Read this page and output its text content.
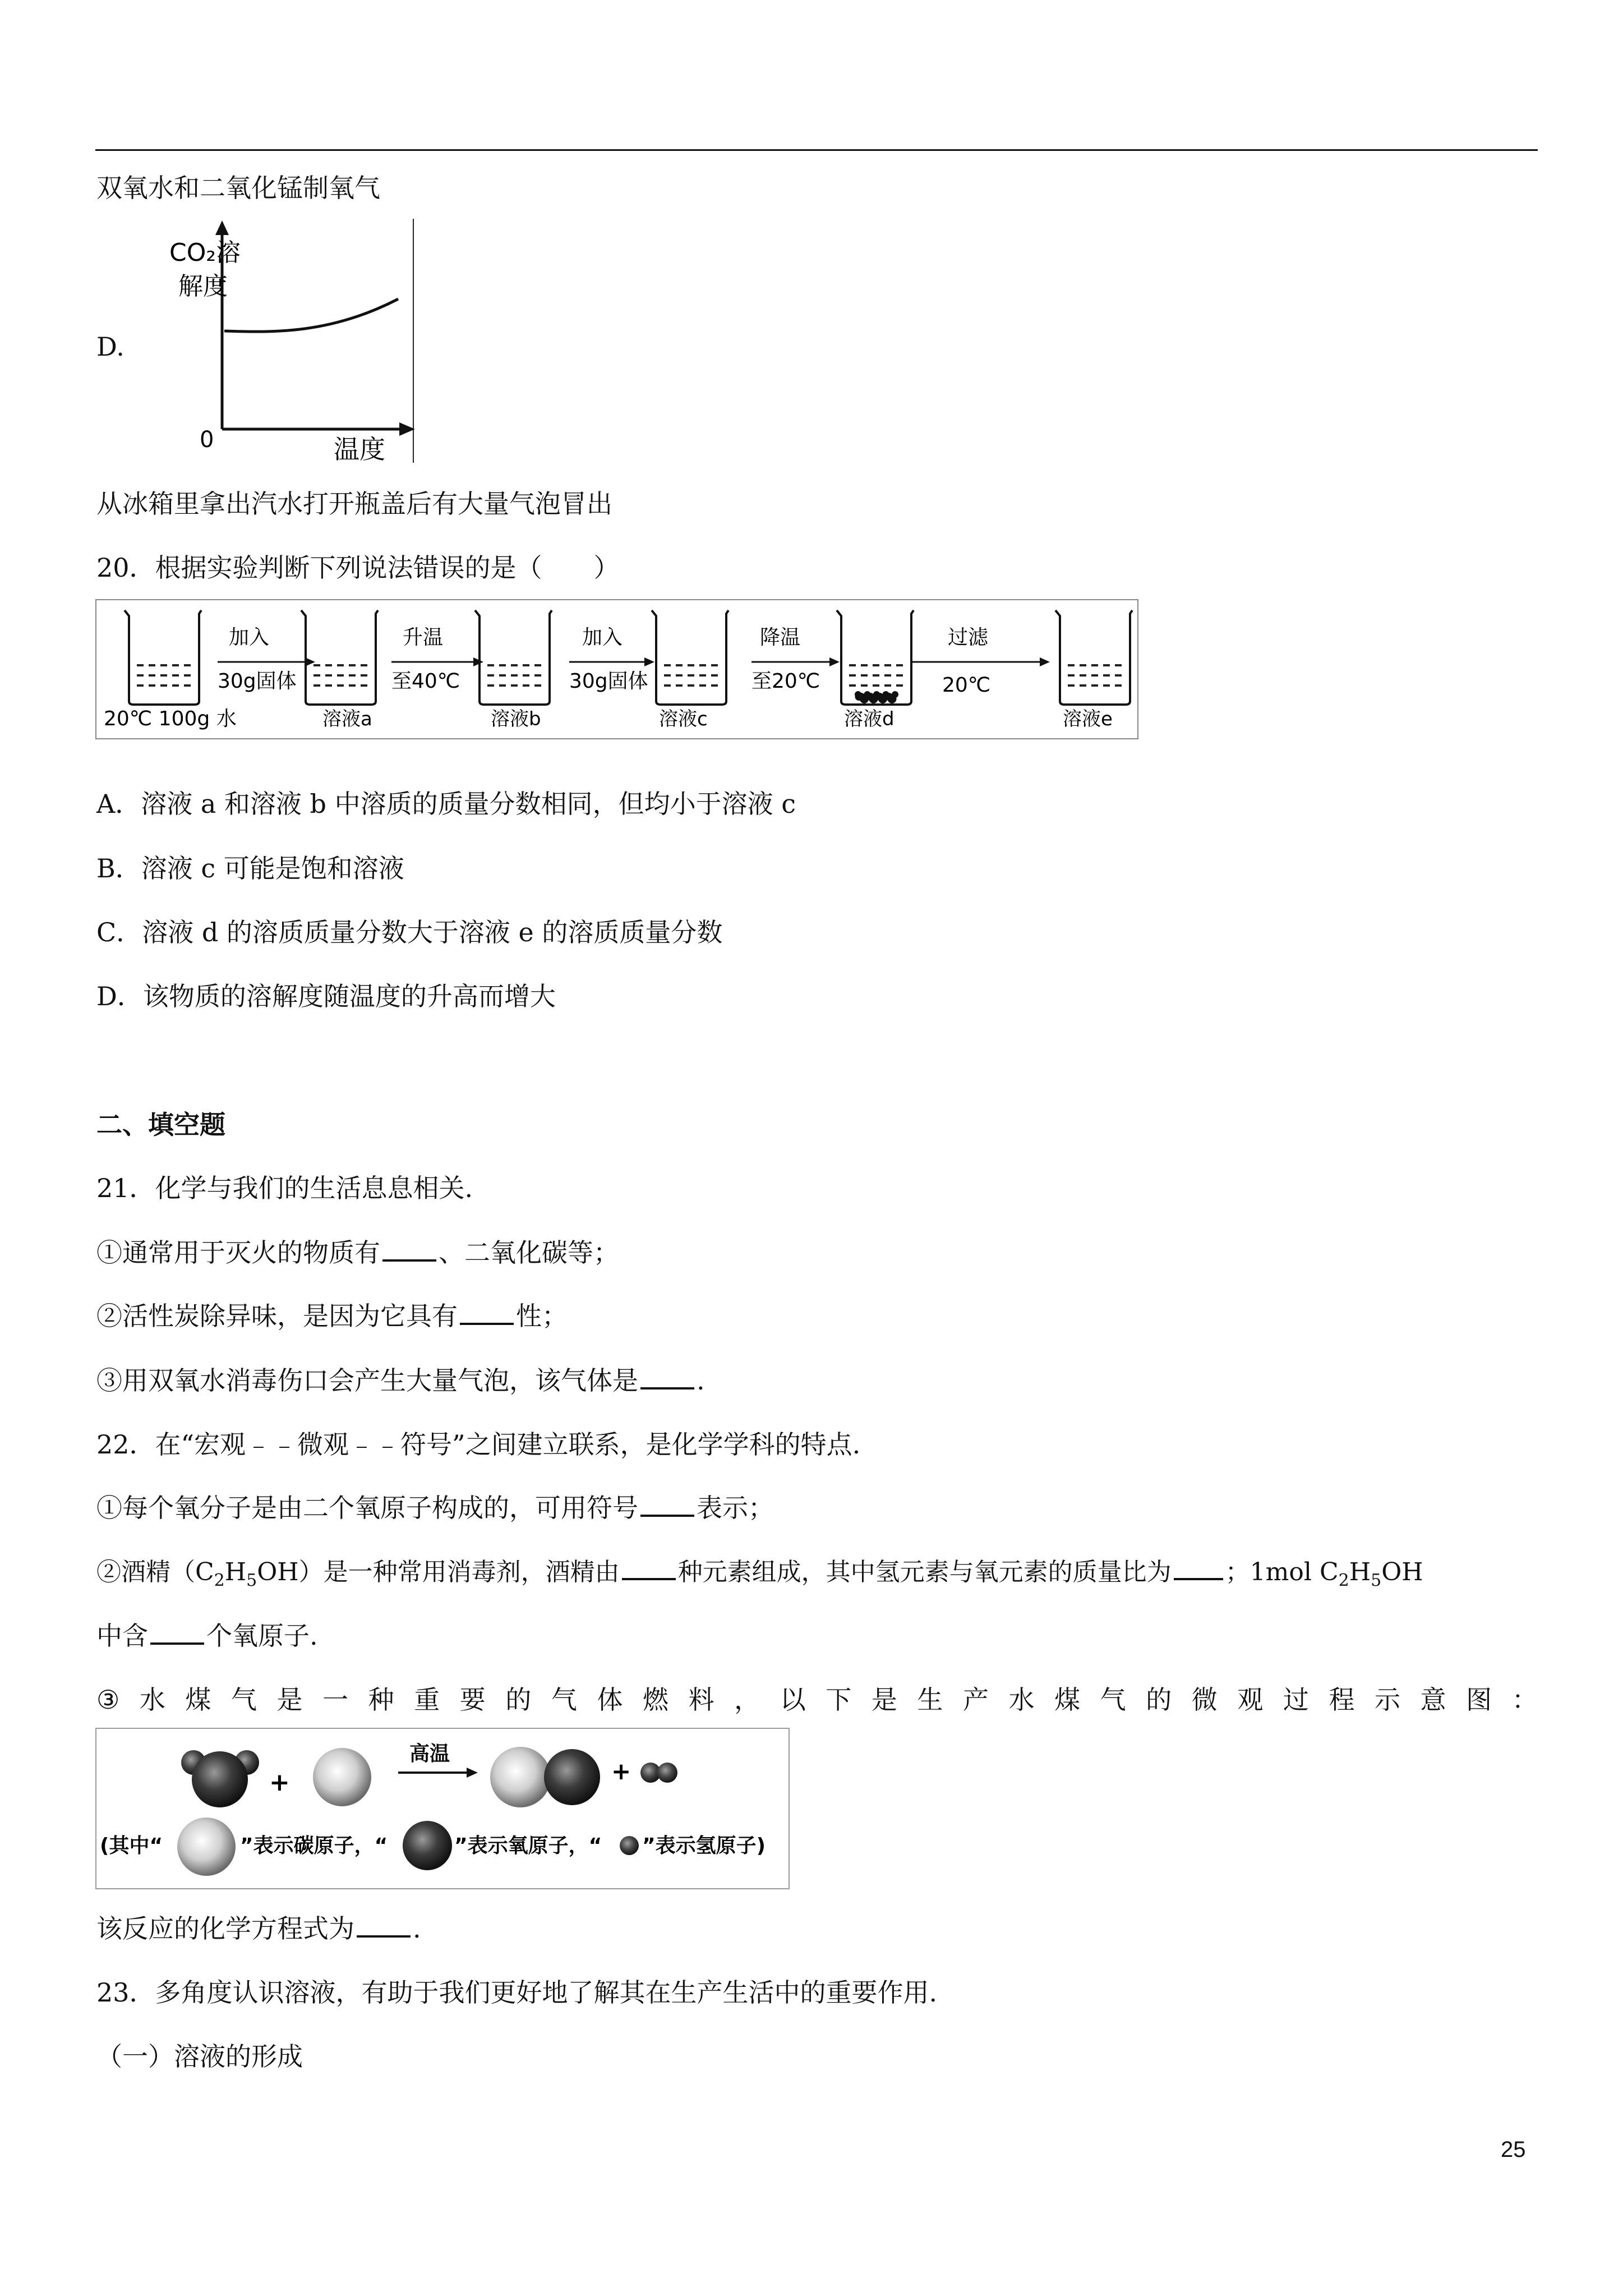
双氧水和二氧化锰制氧气
D.
CO₂溶
解度
0	温度
从冰箱里拿出汽水打开瓶盖后有大量气泡冒出
20．根据实验判断下列说法错误的是（　　）
20℃ 100g 水	溶液a	溶液b	溶液c	溶液d	溶液e
加入
30g固体
升温
至40℃
加入
30g固体
降温
至20℃
过滤
20℃
A．溶液 a 和溶液 b 中溶质的质量分数相同，但均小于溶液 c
B．溶液 c 可能是饱和溶液
C．溶液 d 的溶质质量分数大于溶液 e 的溶质质量分数
D．该物质的溶解度随温度的升高而增大
二、填空题
21．化学与我们的生活息息相关.
①通常用于灭火的物质有 、二氧化碳等；
②活性炭除异味，是因为它具有 性；
③用双氧水消毒伤口会产生大量气泡，该气体是 .
22．在“宏观﹣﹣微观﹣﹣符号”之间建立联系，是化学学科的特点.
①每个氧分子是由二个氧原子构成的，可用符号 表示；
②酒精$(C_2H_5OH)$是一种常用消毒剂，酒精由 种元素组成，其中氢元素与氧元素的质量比为 ；1mol $C_2H_5OH$
中含 个氧原子.
③ 水 煤 气 是 一 种 重 要 的 气 体 燃 料 ， 以 下 是 生 产 水 煤 气 的 微 观 过 程 示 意 图 ：
+
高温
+
(其中“	”表示碳原子，“	”表示氧原子，“ ”表示氢原子)
该反应的化学方程式为 .
23．多角度认识溶液，有助于我们更好地了解其在生产生活中的重要作用.
（一）溶液的形成
25
